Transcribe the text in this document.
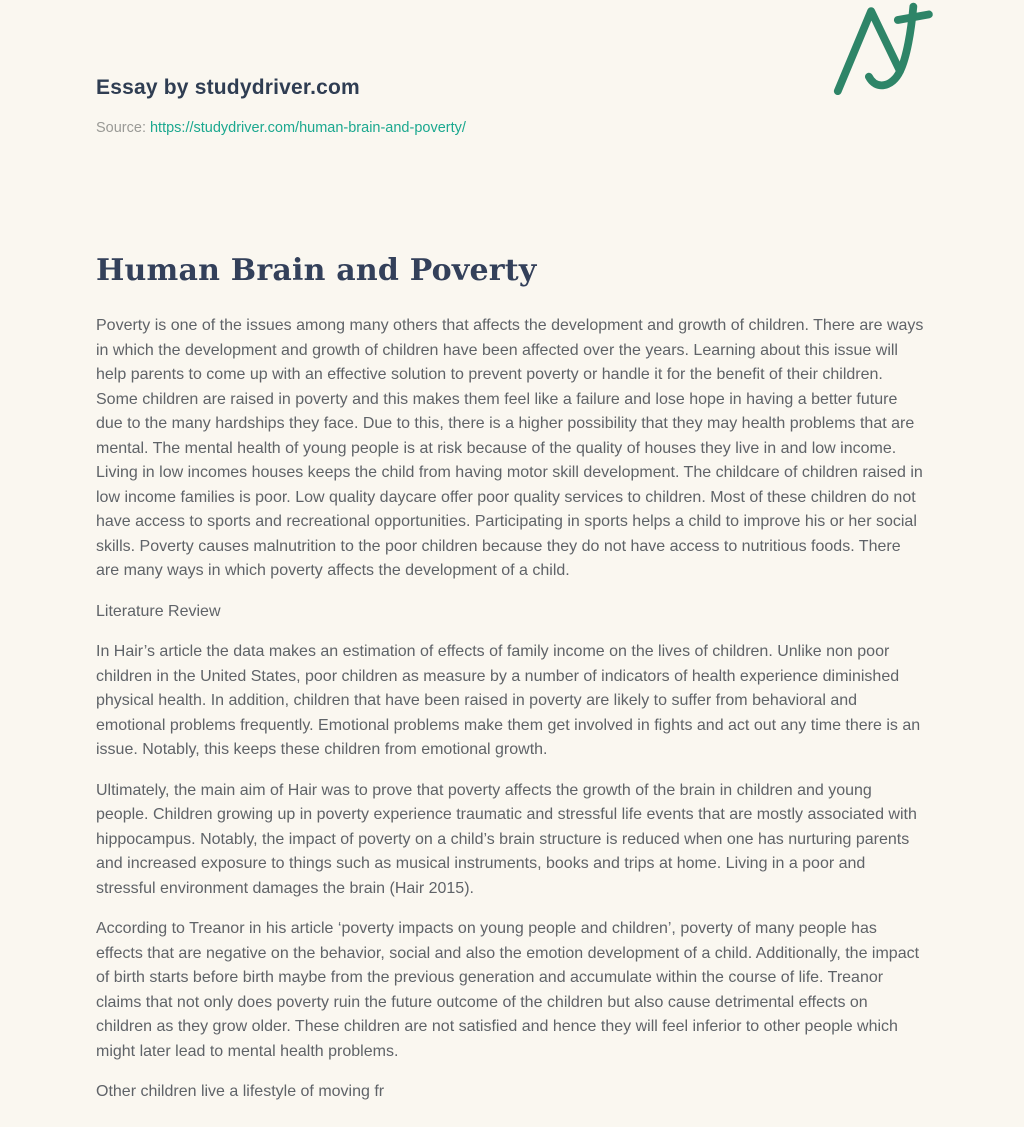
Essay by studydriver.com

Source: https://studydriver.com/human-brain-and-poverty/

Human Brain and Poverty

Poverty is one of the issues among many others that affects the development and growth of children. There are ways in which the development and growth of children have been affected over the years. Learning about this issue will help parents to come up with an effective solution to prevent poverty or handle it for the benefit of their children. Some children are raised in poverty and this makes them feel like a failure and lose hope in having a better future due to the many hardships they face. Due to this, there is a higher possibility that they may health problems that are mental. The mental health of young people is at risk because of the quality of houses they live in and low income. Living in low incomes houses keeps the child from having motor skill development. The childcare of children raised in low income families is poor. Low quality daycare offer poor quality services to children. Most of these children do not have access to sports and recreational opportunities. Participating in sports helps a child to improve his or her social skills. Poverty causes malnutrition to the poor children because they do not have access to nutritious foods. There are many ways in which poverty affects the development of a child.

Literature Review

In Hair’s article the data makes an estimation of effects of family income on the lives of children. Unlike non poor children in the United States, poor children as measure by a number of indicators of health experience diminished physical health. In addition, children that have been raised in poverty are likely to suffer from behavioral and emotional problems frequently. Emotional problems make them get involved in fights and act out any time there is an issue. Notably, this keeps these children from emotional growth.

Ultimately, the main aim of Hair was to prove that poverty affects the growth of the brain in children and young people. Children growing up in poverty experience traumatic and stressful life events that are mostly associated with hippocampus. Notably, the impact of poverty on a child’s brain structure is reduced when one has nurturing parents and increased exposure to things such as musical instruments, books and trips at home. Living in a poor and stressful environment damages the brain (Hair 2015).

According to Treanor in his article ‘poverty impacts on young people and children’, poverty of many people has effects that are negative on the behavior, social and also the emotion development of a child. Additionally, the impact of birth starts before birth maybe from the previous generation and accumulate within the course of life. Treanor claims that not only does poverty ruin the future outcome of the children but also cause detrimental effects on children as they grow older. These children are not satisfied and hence they will feel inferior to other people which might later lead to mental health problems.

Other children live a lifestyle of moving fr
